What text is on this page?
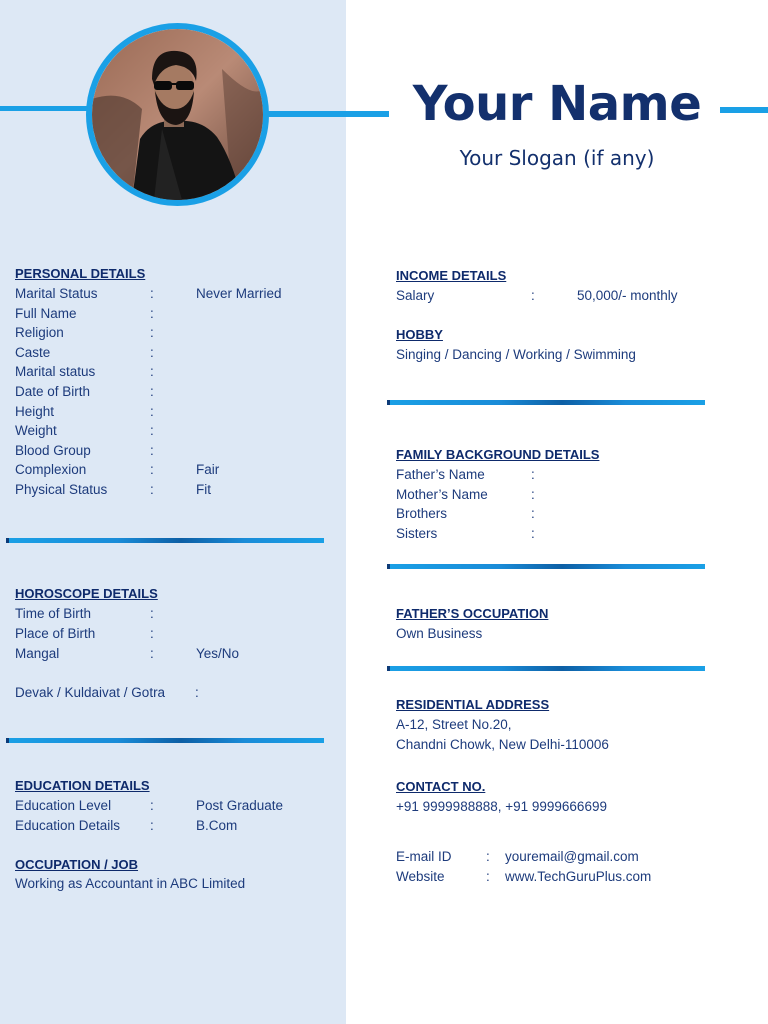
Your Name
Your Slogan (if any)
PERSONAL DETAILS
Marital Status	:	Never Married
Full Name	:
Religion	:
Caste	:
Marital status	:
Date of Birth	:
Height	:
Weight	:
Blood Group	:
Complexion	:	Fair
Physical Status	:	Fit
HOROSCOPE DETAILS
Time of Birth	:
Place of Birth	:
Mangal	:	Yes/No
Devak / Kuldaivat / Gotra :
EDUCATION DETAILS
Education Level	:	Post Graduate
Education Details :	B.Com
OCCUPATION / JOB
Working as Accountant in ABC Limited
INCOME DETAILS
Salary	:	50,000/- monthly
HOBBY
Singing / Dancing / Working / Swimming
FAMILY BACKGROUND DETAILS
Father’s Name	:
Mother’s Name	:
Brothers	:
Sisters	:
FATHER’S OCCUPATION
Own Business
RESIDENTIAL ADDRESS
A-12, Street No.20,
Chandni Chowk, New Delhi-110006
CONTACT NO.
+91 9999988888, +91 9999666699
E-mail ID	: youremail@gmail.com
Website	: www.TechGuruPlus.com
